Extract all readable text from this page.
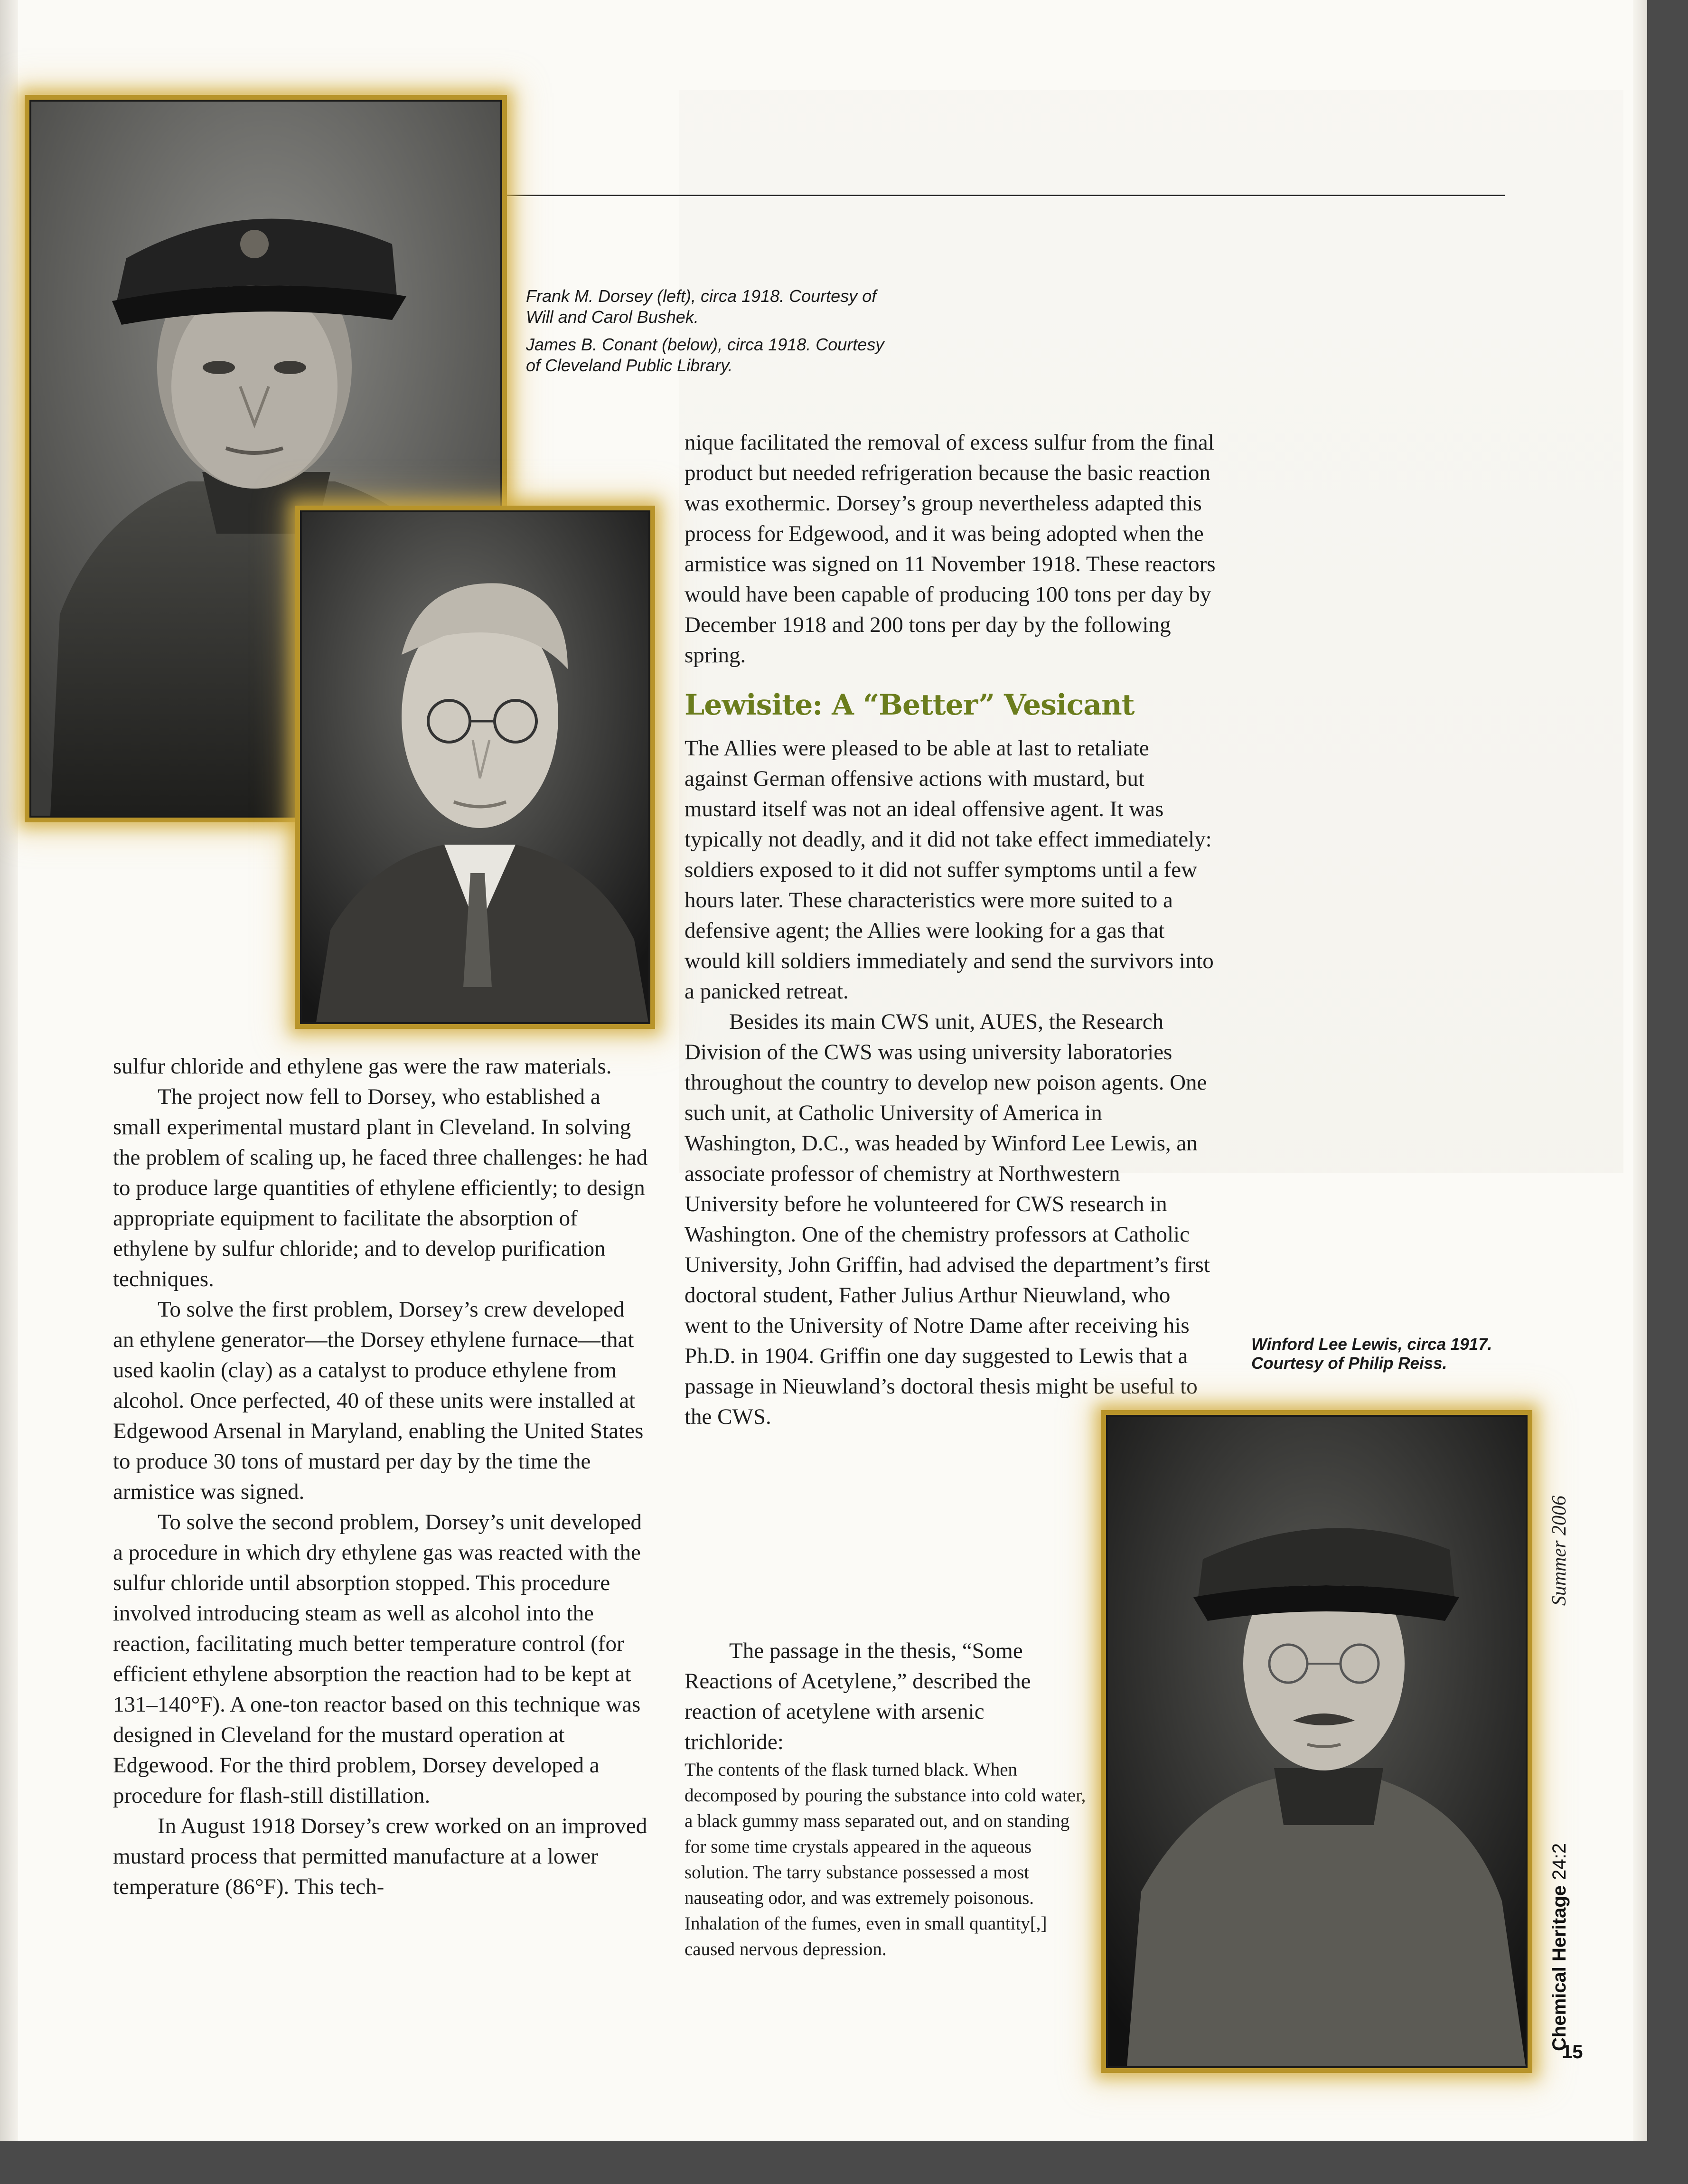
Frank M. Dorsey (left), circa 1918. Courtesy of Will and Carol Bushek.

James B. Conant (below), circa 1918. Courtesy of Cleveland Public Library.

sulfur chloride and ethylene gas were the raw materials.

The project now fell to Dorsey, who established a small experimental mustard plant in Cleveland. In solving the problem of scaling up, he faced three challenges: he had to produce large quantities of ethylene efficiently; to design appropriate equipment to facilitate the absorption of ethylene by sulfur chloride; and to develop purification techniques.

To solve the first problem, Dorsey’s crew developed an ethylene generator—the Dorsey ethylene furnace—that used kaolin (clay) as a catalyst to produce ethylene from alcohol. Once perfected, 40 of these units were installed at Edgewood Arsenal in Maryland, enabling the United States to produce 30 tons of mustard per day by the time the armistice was signed.

To solve the second problem, Dorsey’s unit developed a procedure in which dry ethylene gas was reacted with the sulfur chloride until absorption stopped. This procedure involved introducing steam as well as alcohol into the reaction, facilitating much better temperature control (for efficient ethylene absorption the reaction had to be kept at 131–140°F). A one-ton reactor based on this technique was designed in Cleveland for the mustard operation at Edgewood. For the third problem, Dorsey developed a procedure for flash-still distillation.

In August 1918 Dorsey’s crew worked on an improved mustard process that permitted manufacture at a lower temperature (86°F). This tech-

nique facilitated the removal of excess sulfur from the final product but needed refrigeration because the basic reaction was exothermic. Dorsey’s group nevertheless adapted this process for Edgewood, and it was being adopted when the armistice was signed on 11 November 1918. These reactors would have been capable of producing 100 tons per day by December 1918 and 200 tons per day by the following spring.

Lewisite: A “Better” Vesicant

The Allies were pleased to be able at last to retaliate against German offensive actions with mustard, but mustard itself was not an ideal offensive agent. It was typically not deadly, and it did not take effect immediately: soldiers exposed to it did not suffer symptoms until a few hours later. These characteristics were more suited to a defensive agent; the Allies were looking for a gas that would kill soldiers immediately and send the survivors into a panicked retreat.

Besides its main CWS unit, AUES, the Research Division of the CWS was using university laboratories throughout the country to develop new poison agents. One such unit, at Catholic University of America in Washington, D.C., was headed by Winford Lee Lewis, an associate professor of chemistry at Northwestern University before he volunteered for CWS research in Washington. One of the chemistry professors at Catholic University, John Griffin, had advised the department’s first doctoral student, Father Julius Arthur Nieuwland, who went to the University of Notre Dame after receiving his Ph.D. in 1904. Griffin one day suggested to Lewis that a passage in Nieuwland’s doctoral thesis might be useful to the CWS.

The passage in the thesis, “Some Reactions of Acetylene,” described the reaction of acetylene with arsenic trichloride:

The contents of the flask turned black. When decomposed by pouring the substance into cold water, a black gummy mass separated out, and on standing for some time crystals appeared in the aqueous solution. The tarry substance possessed a most nauseating odor, and was extremely poisonous. Inhalation of the fumes, even in small quantity[,] caused nervous depression.

Winford Lee Lewis, circa 1917. Courtesy of Philip Reiss.
Chemical Heritage 24:2
Summer 2006
15
